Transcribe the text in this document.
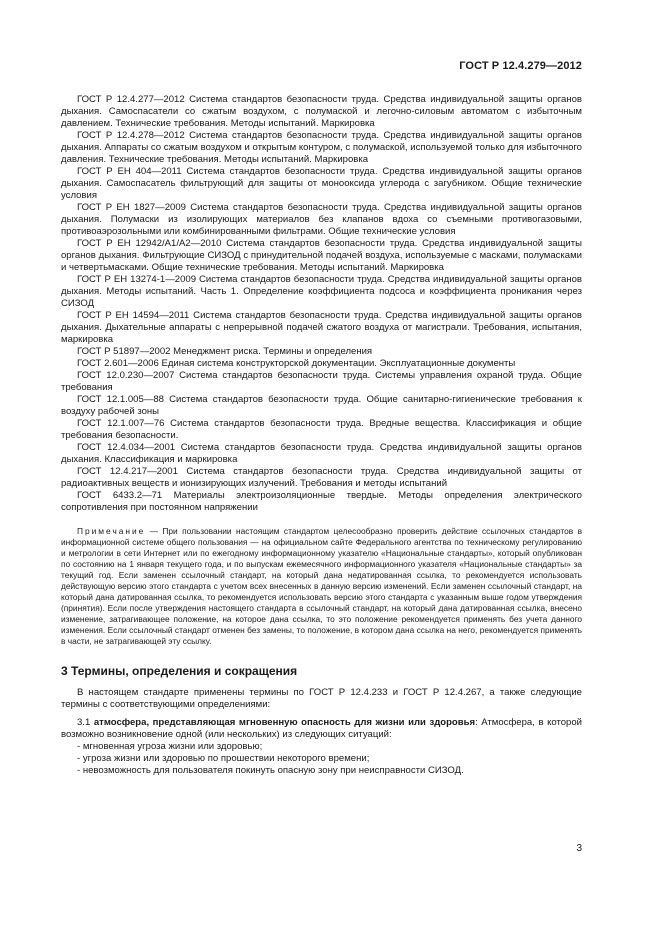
ГОСТ Р 12.4.279—2012

ГОСТ Р 12.4.277—2012 Система стандартов безопасности труда. Средства индивидуальной защиты органов дыхания. Самоспасатели со сжатым воздухом, с полумаской и легочно-силовым автоматом с избыточным давлением. Технические требования. Методы испытаний. Маркировка

ГОСТ Р 12.4.278—2012 Система стандартов безопасности труда. Средства индивидуальной защиты органов дыхания. Аппараты со сжатым воздухом и открытым контуром, с полумаской, используемой только для избыточного давления. Технические требования. Методы испытаний. Маркировка

ГОСТ Р ЕН 404—2011 Система стандартов безопасности труда. Средства индивидуальной защиты органов дыхания. Самоспасатель фильтрующий для защиты от монооксида углерода с загубником. Общие технические условия

ГОСТ Р ЕН 1827—2009 Система стандартов безопасности труда. Средства индивидуальной защиты органов дыхания. Полумаски из изолирующих материалов без клапанов вдоха со съемными противогазовыми, противоаэрозольными или комбинированными фильтрами. Общие технические условия

ГОСТ Р ЕН 12942/А1/А2—2010 Система стандартов безопасности труда. Средства индивидуальной защиты органов дыхания. Фильтрующие СИЗОД с принудительной подачей воздуха, используемые с масками, полумасками и четвертьмасками. Общие технические требования. Методы испытаний. Маркировка

ГОСТ Р ЕН 13274-1—2009 Система стандартов безопасности труда. Средства индивидуальной защиты органов дыхания. Методы испытаний. Часть 1. Определение коэффициента подсоса и коэффициента проникания через СИЗОД

ГОСТ Р ЕН 14594—2011 Система стандартов безопасности труда. Средства индивидуальной защиты органов дыхания. Дыхательные аппараты с непрерывной подачей сжатого воздуха от магистрали. Требования, испытания, маркировка

ГОСТ Р 51897—2002 Менеджмент риска. Термины и определения

ГОСТ 2.601—2006 Единая система конструкторской документации. Эксплуатационные документы

ГОСТ 12.0.230—2007 Система стандартов безопасности труда. Системы управления охраной труда. Общие требования

ГОСТ 12.1.005—88 Система стандартов безопасности труда. Общие санитарно-гигиенические требования к воздуху рабочей зоны

ГОСТ 12.1.007—76 Система стандартов безопасности труда. Вредные вещества. Классификация и общие требования безопасности.

ГОСТ 12.4.034—2001 Система стандартов безопасности труда. Средства индивидуальной защиты органов дыхания. Классификация и маркировка

ГОСТ 12.4.217—2001 Система стандартов безопасности труда. Средства индивидуальной защиты от радиоактивных веществ и ионизирующих излучений. Требования и методы испытаний

ГОСТ 6433.2—71 Материалы электроизоляционные твердые. Методы определения электрического сопротивления при постоянном напряжении

Примечание — При пользовании настоящим стандартом целесообразно проверить действие ссылочных стандартов в информационной системе общего пользования — на официальном сайте Федерального агентства по техническому регулированию и метрологии в сети Интернет или по ежегодному информационному указателю «Национальные стандарты», который опубликован по состоянию на 1 января текущего года, и по выпускам ежемесячного информационного указателя «Национальные стандарты» за текущий год. Если заменен ссылочный стандарт, на который дана недатированная ссылка, то рекомендуется использовать действующую версию этого стандарта с учетом всех внесенных в данную версию изменений. Если заменен ссылочный стандарт, на который дана датированная ссылка, то рекомендуется использовать версию этого стандарта с указанным выше годом утверждения (принятия). Если после утверждения настоящего стандарта в ссылочный стандарт, на который дана датированная ссылка, внесено изменение, затрагивающее положение, на которое дана ссылка, то это положение рекомендуется применять без учета данного изменения. Если ссылочный стандарт отменен без замены, то положение, в котором дана ссылка на него, рекомендуется применять в части, не затрагивающей эту ссылку.

3 Термины, определения и сокращения

В настоящем стандарте применены термины по ГОСТ Р 12.4.233 и ГОСТ Р 12.4.267, а также следующие термины с соответствующими определениями:

3.1 атмосфера, представляющая мгновенную опасность для жизни или здоровья: Атмосфера, в которой возможно возникновение одной (или нескольких) из следующих ситуаций:

- мгновенная угроза жизни или здоровью;
- угроза жизни или здоровью по прошествии некоторого времени;
- невозможность для пользователя покинуть опасную зону при неисправности СИЗОД.
3
